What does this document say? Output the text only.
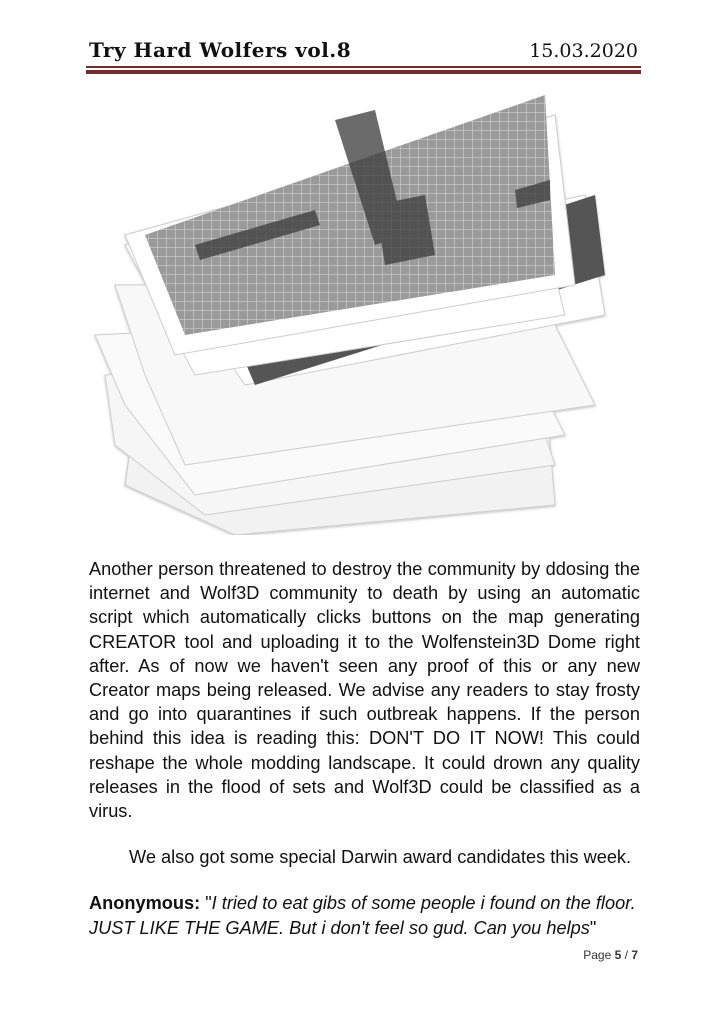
Try Hard Wolfers vol.8	15.03.2020

Another person threatened to destroy the community by ddosing the internet and Wolf3D community to death by using an automatic script which automatically clicks buttons on the map generating CREATOR tool and uploading it to the Wolfenstein3D Dome right after. As of now we haven't seen any proof of this or any new Creator maps being released. We advise any readers to stay frosty and go into quarantines if such outbreak happens. If the person behind this idea is reading this: DON'T DO IT NOW! This could reshape the whole modding landscape. It could drown any quality releases in the flood of sets and Wolf3D could be classified as a virus.

We also got some special Darwin award candidates this week.

Anonymous: "I tried to eat gibs of some people i found on the floor. JUST LIKE THE GAME. But i don't feel so gud. Can you helps"

Page 5 / 7
